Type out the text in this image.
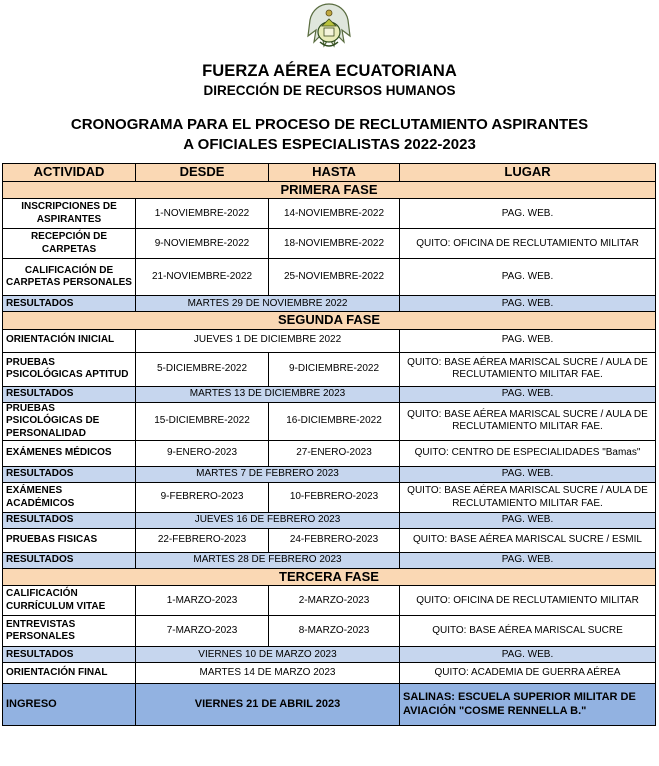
FUERZA AÉREA ECUATORIANA
DIRECCIÓN DE RECURSOS HUMANOS
CRONOGRAMA PARA EL PROCESO DE RECLUTAMIENTO ASPIRANTES
A OFICIALES ESPECIALISTAS 2022-2023
ACTIVIDAD	DESDE	HASTA	LUGAR
PRIMERA FASE			
INSCRIPCIONES DE ASPIRANTES	1-NOVIEMBRE-2022	14-NOVIEMBRE-2022	PAG. WEB.
RECEPCIÓN DE CARPETAS	9-NOVIEMBRE-2022	18-NOVIEMBRE-2022	QUITO: OFICINA DE RECLUTAMIENTO MILITAR
CALIFICACIÓN DE CARPETAS PERSONALES	21-NOVIEMBRE-2022	25-NOVIEMBRE-2022	PAG. WEB.
RESULTADOS	MARTES 29 DE NOVIEMBRE 2022		PAG. WEB.
SEGUNDA FASE			
ORIENTACIÓN INICIAL	JUEVES 1 DE DICIEMBRE 2022		PAG. WEB.
PRUEBAS PSICOLÓGICAS APTITUD	5-DICIEMBRE-2022	9-DICIEMBRE-2022	QUITO: BASE AÉREA MARISCAL SUCRE / AULA DE RECLUTAMIENTO MILITAR FAE.
RESULTADOS	MARTES 13 DE DICIEMBRE 2023		PAG. WEB.
PRUEBAS PSICOLÓGICAS DE PERSONALIDAD	15-DICIEMBRE-2022	16-DICIEMBRE-2022	QUITO: BASE AÉREA MARISCAL SUCRE / AULA DE RECLUTAMIENTO MILITAR FAE.
EXÁMENES MÉDICOS	9-ENERO-2023	27-ENERO-2023	QUITO: CENTRO DE ESPECIALIDADES "Bamas"
RESULTADOS	MARTES 7 DE FEBRERO 2023		PAG. WEB.
EXÁMENES ACADÉMICOS	9-FEBRERO-2023	10-FEBRERO-2023	QUITO: BASE AÉREA MARISCAL SUCRE / AULA DE RECLUTAMIENTO MILITAR FAE.
RESULTADOS	JUEVES 16 DE FEBRERO 2023		PAG. WEB.
PRUEBAS FISICAS	22-FEBRERO-2023	24-FEBRERO-2023	QUITO: BASE AÉREA MARISCAL SUCRE / ESMIL
RESULTADOS	MARTES 28 DE FEBRERO 2023		PAG. WEB.
TERCERA FASE			
CALIFICACIÓN CURRÍCULUM VITAE	1-MARZO-2023	2-MARZO-2023	QUITO: OFICINA DE RECLUTAMIENTO MILITAR
ENTREVISTAS PERSONALES	7-MARZO-2023	8-MARZO-2023	QUITO: BASE AÉREA MARISCAL SUCRE
RESULTADOS	VIERNES 10 DE MARZO 2023		PAG. WEB.
ORIENTACIÓN FINAL	MARTES 14 DE MARZO 2023		QUITO: ACADEMIA DE GUERRA AÉREA
INGRESO	VIERNES 21 DE ABRIL 2023		SALINAS: ESCUELA SUPERIOR MILITAR DE AVIACIÓN "COSME RENNELLA B."
